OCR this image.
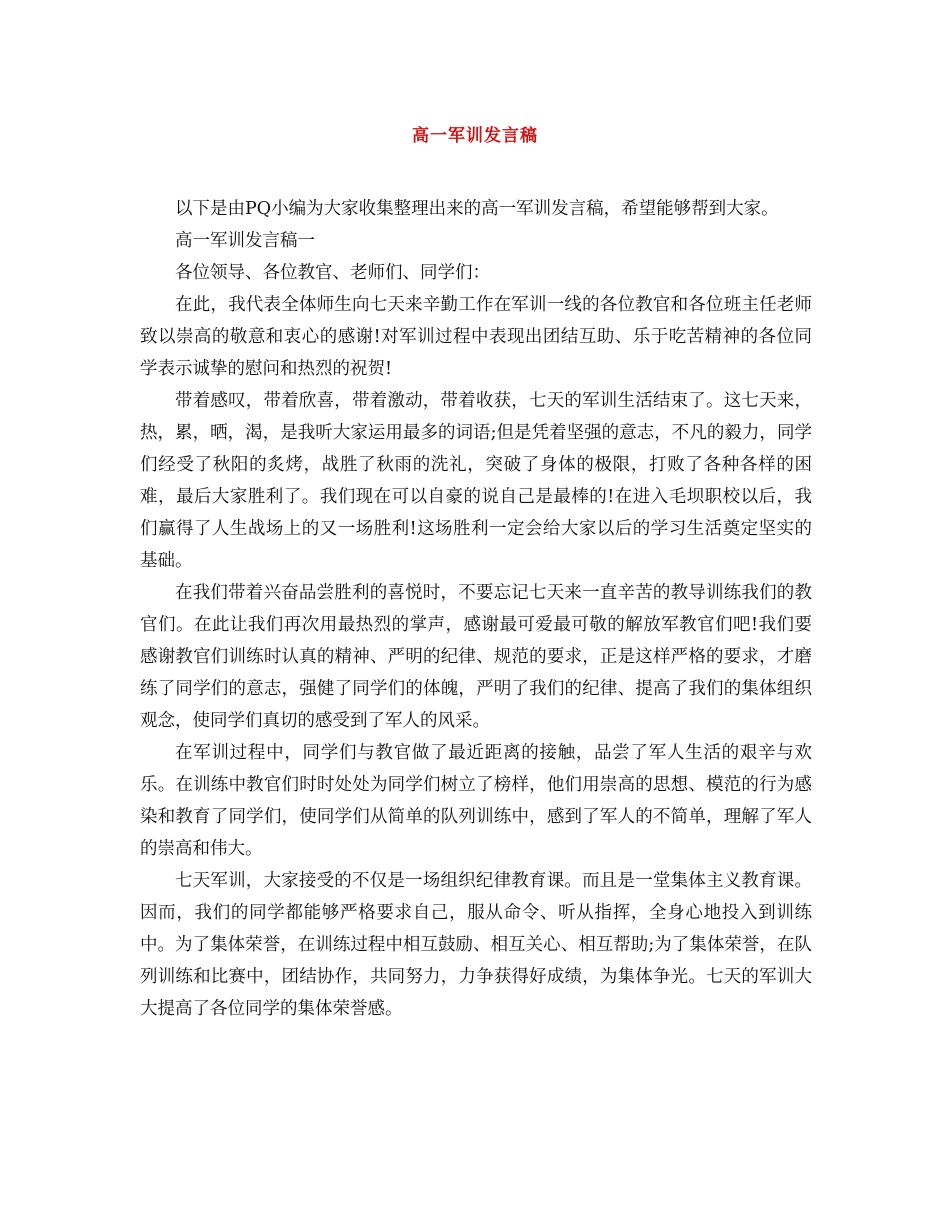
高一军训发言稿

以下是由PQ小编为大家收集整理出来的高一军训发言稿，希望能够帮到大家。

高一军训发言稿一

各位领导、各位教官、老师们、同学们：

在此，我代表全体师生向七天来辛勤工作在军训一线的各位教官和各位班主任老师致以崇高的敬意和衷心的感谢!对军训过程中表现出团结互助、乐于吃苦精神的各位同学表示诚挚的慰问和热烈的祝贺!

带着感叹，带着欣喜，带着激动，带着收获，七天的军训生活结束了。这七天来，热，累，晒，渴，是我听大家运用最多的词语;但是凭着坚强的意志，不凡的毅力，同学们经受了秋阳的炙烤，战胜了秋雨的洗礼，突破了身体的极限，打败了各种各样的困难，最后大家胜利了。我们现在可以自豪的说自己是最棒的!在进入毛坝职校以后，我们赢得了人生战场上的又一场胜利!这场胜利一定会给大家以后的学习生活奠定坚实的基础。

在我们带着兴奋品尝胜利的喜悦时，不要忘记七天来一直辛苦的教导训练我们的教官们。在此让我们再次用最热烈的掌声，感谢最可爱最可敬的解放军教官们吧!我们要感谢教官们训练时认真的精神、严明的纪律、规范的要求，正是这样严格的要求，才磨练了同学们的意志，强健了同学们的体魄，严明了我们的纪律、提高了我们的集体组织观念，使同学们真切的感受到了军人的风采。

在军训过程中，同学们与教官做了最近距离的接触，品尝了军人生活的艰辛与欢乐。在训练中教官们时时处处为同学们树立了榜样，他们用崇高的思想、模范的行为感染和教育了同学们，使同学们从简单的队列训练中，感到了军人的不简单，理解了军人的崇高和伟大。

七天军训，大家接受的不仅是一场组织纪律教育课。而且是一堂集体主义教育课。因而，我们的同学都能够严格要求自己，服从命令、听从指挥，全身心地投入到训练中。为了集体荣誉，在训练过程中相互鼓励、相互关心、相互帮助;为了集体荣誉，在队列训练和比赛中，团结协作，共同努力，力争获得好成绩，为集体争光。七天的军训大大提高了各位同学的集体荣誉感。
